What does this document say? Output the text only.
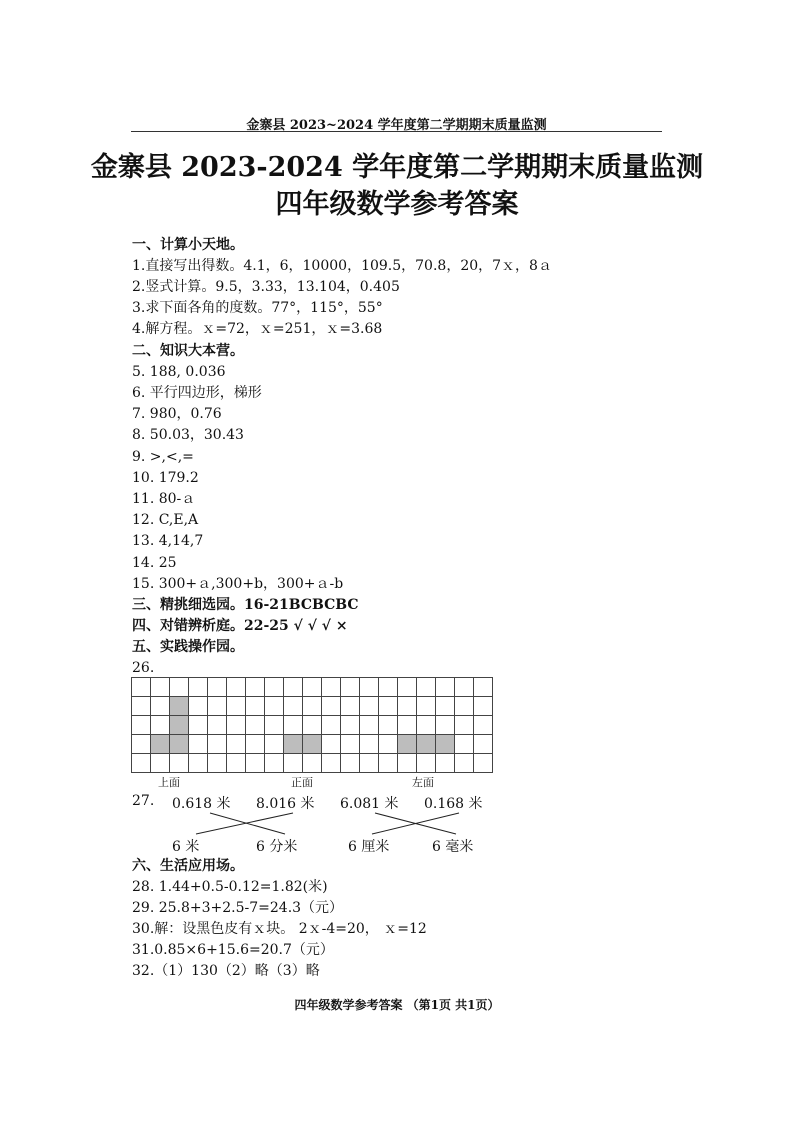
金寨县 2023~2024 学年度第二学期期末质量监测
金寨县 2023-2024 学年度第二学期期末质量监测
四年级数学参考答案
一、计算小天地。
1.直接写出得数。4.1，6，10000，109.5，70.8，20，7ｘ，8ａ
2.竖式计算。9.5，3.33，13.104，0.405
3.求下面各角的度数。77°，115°，55°
4.解方程。ｘ=72，ｘ=251，ｘ=3.68
二、知识大本营。
5. 188, 0.036
6. 平行四边形，梯形
7. 980，0.76
8. 50.03，30.43
9. >,<,=
10. 179.2
11. 80-ａ
12. C,E,A
13. 4,14,7
14. 25
15. 300+ａ,300+b，300+ａ-b
三、精挑细选园。16-21BCBCBC
四、对错辨析庭。22-25 √ √ √ ×
五、实践操作园。
26.
上面	正面	左面
27. 0.618 米 8.016 米 6.081 米 0.168 米
6 米	6 分米	6 厘米	6 毫米
六、生活应用场。
28. 1.44+0.5-0.12=1.82(米)
29. 25.8+3+2.5-7=24.3（元）
30.解：设黑色皮有ｘ块。 2ｘ-4=20， ｘ=12
31.0.85×6+15.6=20.7（元）
32.（1）130（2）略（3）略
四年级数学参考答案 （第1页 共1页）
